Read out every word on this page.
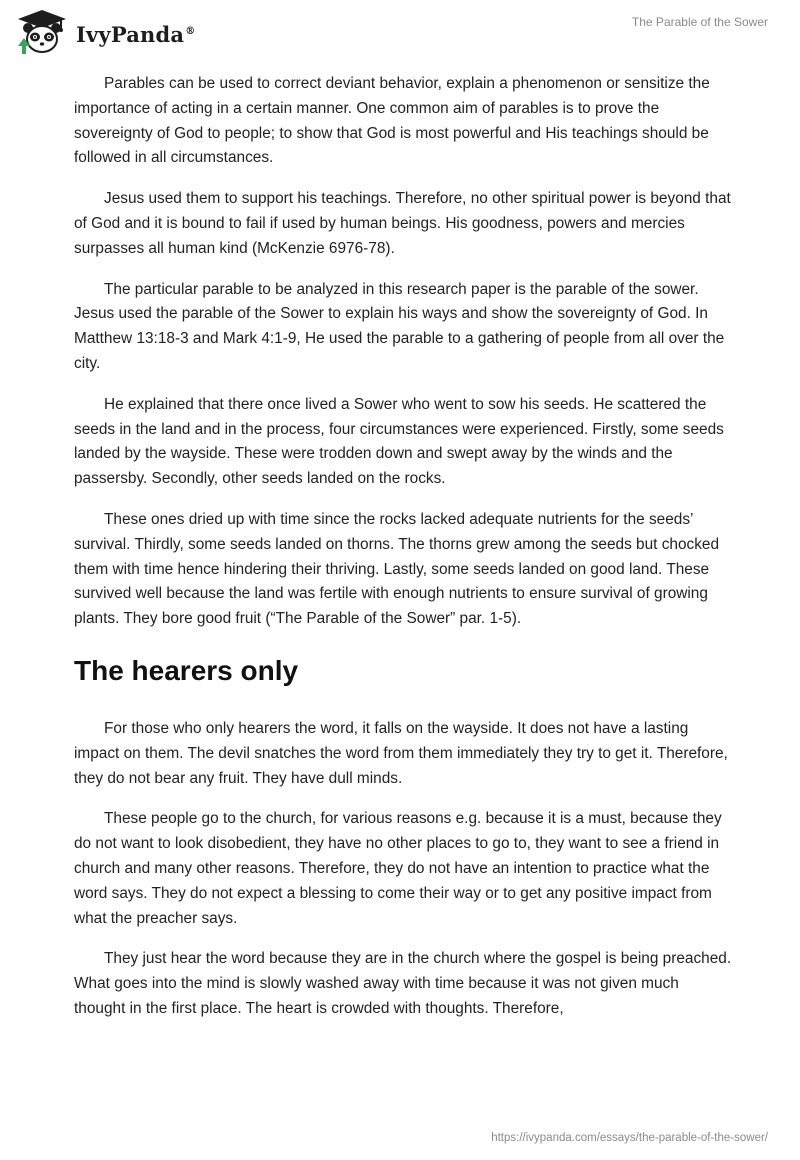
IvyPanda®
The Parable of the Sower

Parables can be used to correct deviant behavior, explain a phenomenon or sensitize the importance of acting in a certain manner. One common aim of parables is to prove the sovereignty of God to people; to show that God is most powerful and His teachings should be followed in all circumstances.

Jesus used them to support his teachings. Therefore, no other spiritual power is beyond that of God and it is bound to fail if used by human beings. His goodness, powers and mercies surpasses all human kind (McKenzie 6976-78).

The particular parable to be analyzed in this research paper is the parable of the sower. Jesus used the parable of the Sower to explain his ways and show the sovereignty of God. In Matthew 13:18-3 and Mark 4:1-9, He used the parable to a gathering of people from all over the city.

He explained that there once lived a Sower who went to sow his seeds. He scattered the seeds in the land and in the process, four circumstances were experienced. Firstly, some seeds landed by the wayside. These were trodden down and swept away by the winds and the passersby. Secondly, other seeds landed on the rocks.

These ones dried up with time since the rocks lacked adequate nutrients for the seeds’ survival. Thirdly, some seeds landed on thorns. The thorns grew among the seeds but chocked them with time hence hindering their thriving. Lastly, some seeds landed on good land. These survived well because the land was fertile with enough nutrients to ensure survival of growing plants. They bore good fruit (“The Parable of the Sower” par. 1-5).

The hearers only

For those who only hearers the word, it falls on the wayside. It does not have a lasting impact on them. The devil snatches the word from them immediately they try to get it. Therefore, they do not bear any fruit. They have dull minds.

These people go to the church, for various reasons e.g. because it is a must, because they do not want to look disobedient, they have no other places to go to, they want to see a friend in church and many other reasons. Therefore, they do not have an intention to practice what the word says. They do not expect a blessing to come their way or to get any positive impact from what the preacher says.

They just hear the word because they are in the church where the gospel is being preached. What goes into the mind is slowly washed away with time because it was not given much thought in the first place. The heart is crowded with thoughts. Therefore,

https://ivypanda.com/essays/the-parable-of-the-sower/
